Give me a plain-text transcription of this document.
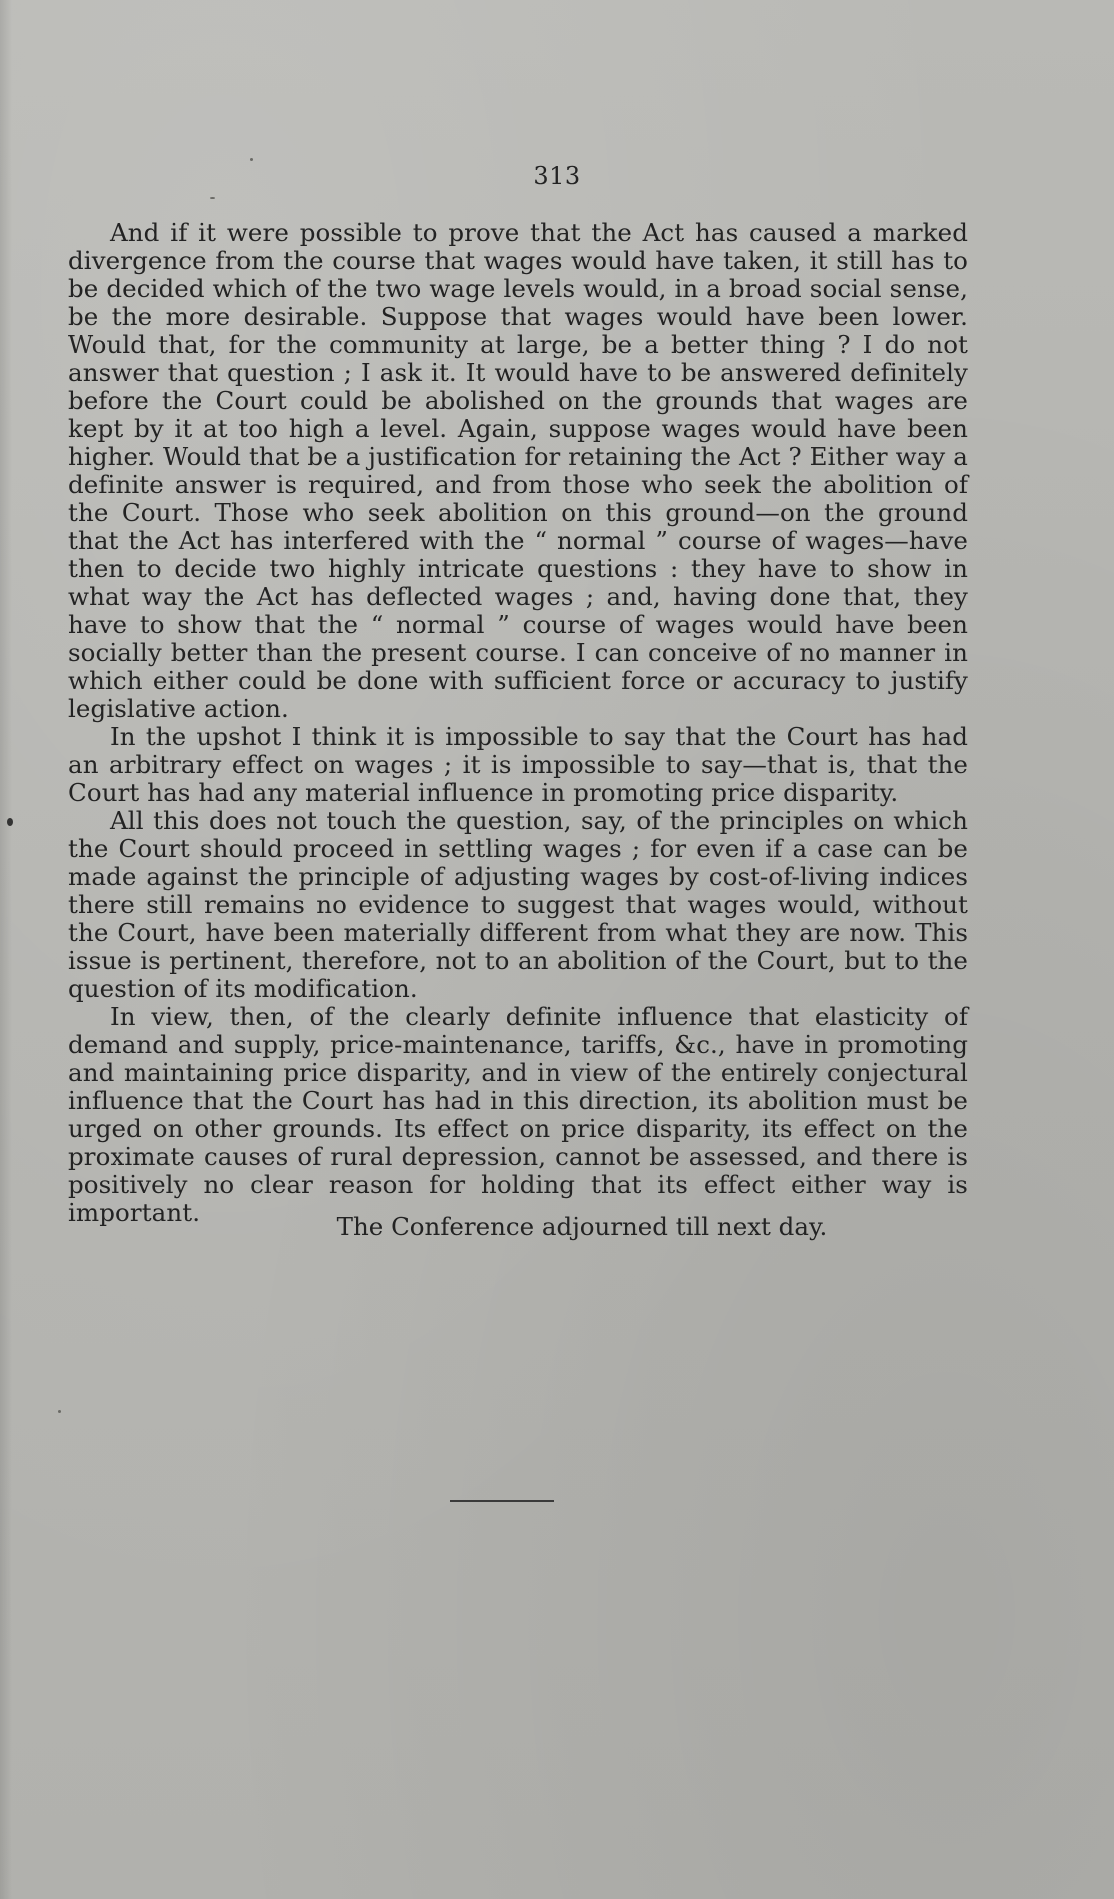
313

And if it were possible to prove that the Act has caused a marked divergence from the course that wages would have taken, it still has to be decided which of the two wage levels would, in a broad social sense, be the more desirable. Suppose that wages would have been lower. Would that, for the community at large, be a better thing ? I do not answer that question ; I ask it. It would have to be answered definitely before the Court could be abolished on the grounds that wages are kept by it at too high a level. Again, suppose wages would have been higher. Would that be a justification for retaining the Act ? Either way a definite answer is required, and from those who seek the abolition of the Court. Those who seek abolition on this ground—on the ground that the Act has interfered with the “ normal ” course of wages—have then to decide two highly intricate questions : they have to show in what way the Act has deflected wages ; and, having done that, they have to show that the “ normal ” course of wages would have been socially better than the present course. I can conceive of no manner in which either could be done with sufficient force or accuracy to justify legislative action.

In the upshot I think it is impossible to say that the Court has had an arbitrary effect on wages ; it is impossible to say—that is, that the Court has had any material influence in promoting price disparity.

All this does not touch the question, say, of the principles on which the Court should proceed in settling wages ; for even if a case can be made against the principle of adjusting wages by cost-of-living indices there still remains no evidence to suggest that wages would, without the Court, have been materially different from what they are now. This issue is pertinent, therefore, not to an abolition of the Court, but to the question of its modification.

In view, then, of the clearly definite influence that elasticity of demand and supply, price-maintenance, tariffs, &c., have in promoting and maintaining price disparity, and in view of the entirely conjectural influence that the Court has had in this direction, its abolition must be urged on other grounds. Its effect on price disparity, its effect on the proximate causes of rural depression, cannot be assessed, and there is positively no clear reason for holding that its effect either way is important.	The Conference adjourned till next day.
